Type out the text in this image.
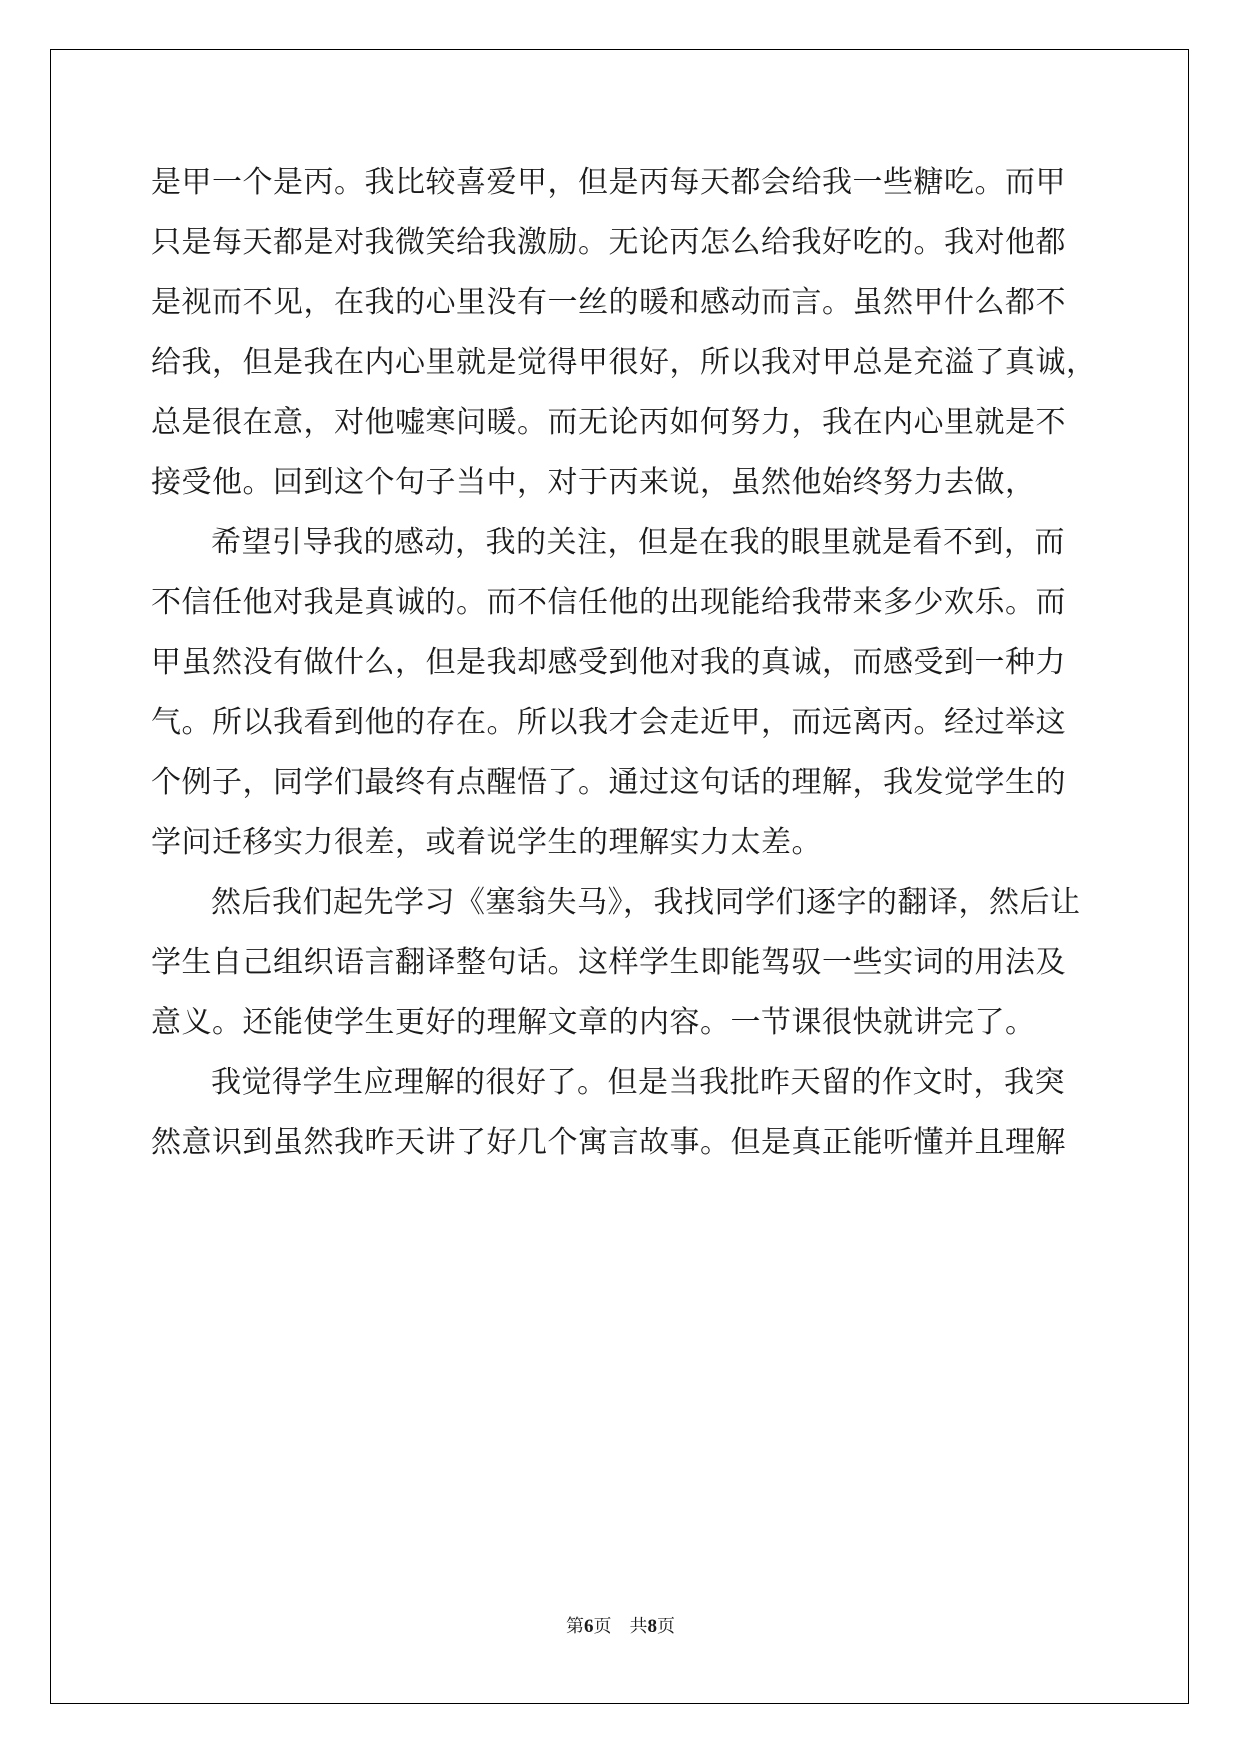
是甲一个是丙。我比较喜爱甲，但是丙每天都会给我一些糖吃。而甲
只是每天都是对我微笑给我激励。无论丙怎么给我好吃的。我对他都
是视而不见，在我的心里没有一丝的暖和感动而言。虽然甲什么都不
给我，但是我在内心里就是觉得甲很好，所以我对甲总是充溢了真诚，
总是很在意，对他嘘寒问暖。而无论丙如何努力，我在内心里就是不
接受他。回到这个句子当中，对于丙来说，虽然他始终努力去做，
希望引导我的感动，我的关注，但是在我的眼里就是看不到，而
不信任他对我是真诚的。而不信任他的出现能给我带来多少欢乐。而
甲虽然没有做什么，但是我却感受到他对我的真诚，而感受到一种力
气。所以我看到他的存在。所以我才会走近甲，而远离丙。经过举这
个例子，同学们最终有点醒悟了。通过这句话的理解，我发觉学生的
学问迁移实力很差，或着说学生的理解实力太差。
然后我们起先学习《塞翁失马》，我找同学们逐字的翻译，然后让
学生自己组织语言翻译整句话。这样学生即能驾驭一些实词的用法及
意义。还能使学生更好的理解文章的内容。一节课很快就讲完了。
我觉得学生应理解的很好了。但是当我批昨天留的作文时，我突
然意识到虽然我昨天讲了好几个寓言故事。但是真正能听懂并且理解
第6页 共8页
